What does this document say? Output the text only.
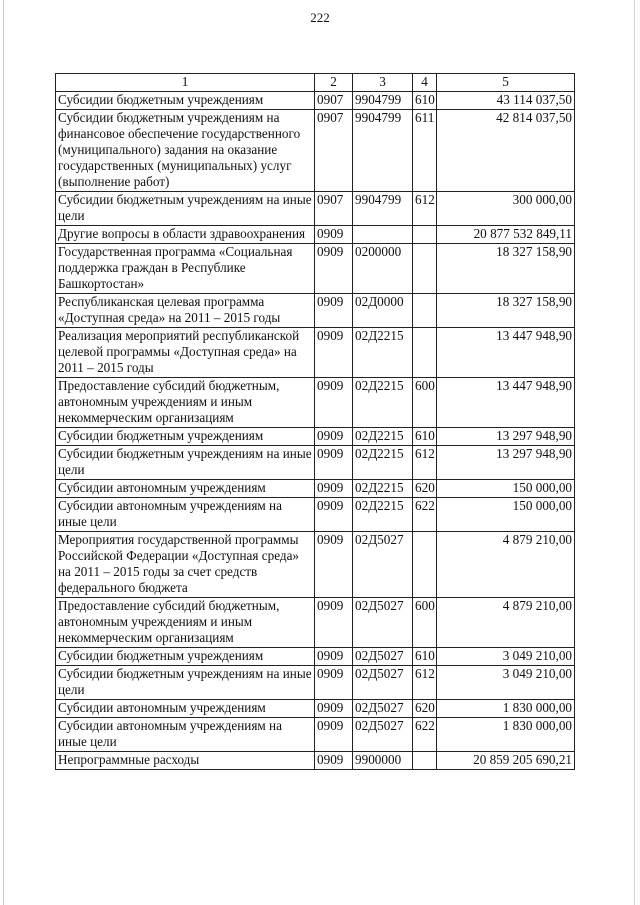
222
1	2	3	4	5
Субсидии бюджетным учреждениям	0907	9904799	610	43 114 037,50
Субсидии бюджетным учреждениям на финансовое обеспечение государственного (муниципального) задания на оказание государственных (муниципальных) услуг (выполнение работ)	0907	9904799	611	42 814 037,50
Субсидии бюджетным учреждениям на иные цели	0907	9904799	612	300 000,00
Другие вопросы в области здравоохранения	0909			20 877 532 849,11
Государственная программа «Социальная поддержка граждан в Республике Башкортостан»	0909	0200000		18 327 158,90
Республиканская целевая программа «Доступная среда» на 2011 – 2015 годы	0909	02Д0000		18 327 158,90
Реализация мероприятий республиканской целевой программы «Доступная среда» на 2011 – 2015 годы	0909	02Д2215		13 447 948,90
Предоставление субсидий бюджетным, автономным учреждениям и иным некоммерческим организациям	0909	02Д2215	600	13 447 948,90
Субсидии бюджетным учреждениям	0909	02Д2215	610	13 297 948,90
Субсидии бюджетным учреждениям на иные цели	0909	02Д2215	612	13 297 948,90
Субсидии автономным учреждениям	0909	02Д2215	620	150 000,00
Субсидии автономным учреждениям на иные цели	0909	02Д2215	622	150 000,00
Мероприятия государственной программы Российской Федерации «Доступная среда» на 2011 – 2015 годы за счет средств федерального бюджета	0909	02Д5027		4 879 210,00
Предоставление субсидий бюджетным, автономным учреждениям и иным некоммерческим организациям	0909	02Д5027	600	4 879 210,00
Субсидии бюджетным учреждениям	0909	02Д5027	610	3 049 210,00
Субсидии бюджетным учреждениям на иные цели	0909	02Д5027	612	3 049 210,00
Субсидии автономным учреждениям	0909	02Д5027	620	1 830 000,00
Субсидии автономным учреждениям на иные цели	0909	02Д5027	622	1 830 000,00
Непрограммные расходы	0909	9900000		20 859 205 690,21
